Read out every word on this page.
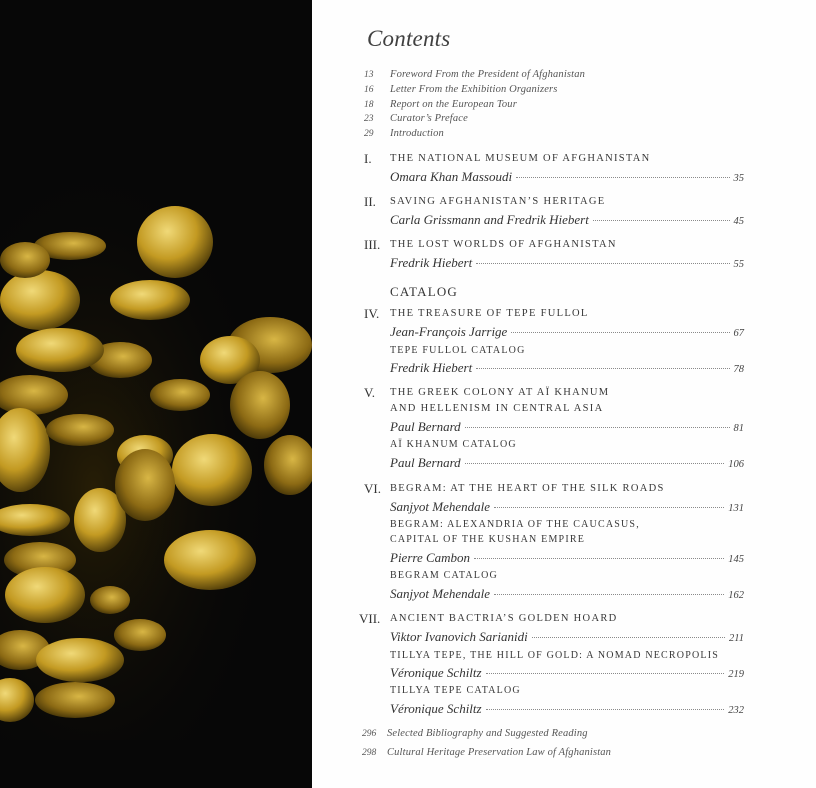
Contents
13	Foreword From the President of Afghanistan
16	Letter From the Exhibition Organizers
18	Report on the European Tour
23	Curator’s Preface
29	Introduction
I. THE NATIONAL MUSEUM OF AFGHANISTAN
Omara Khan Massoudi	35
II. SAVING AFGHANISTAN’S HERITAGE
Carla Grissmann and Fredrik Hiebert	45
III. THE LOST WORLDS OF AFGHANISTAN
Fredrik Hiebert	55
CATALOG
IV. THE TREASURE OF TEPE FULLOL
Jean-François Jarrige	67
TEPE FULLOL CATALOG
Fredrik Hiebert	78
V. THE GREEK COLONY AT AÏ KHANUM
AND HELLENISM IN CENTRAL ASIA
Paul Bernard	81
AÏ KHANUM CATALOG
Paul Bernard	106
VI. BEGRAM: AT THE HEART OF THE SILK ROADS
Sanjyot Mehendale	131
BEGRAM: ALEXANDRIA OF THE CAUCASUS,
CAPITAL OF THE KUSHAN EMPIRE
Pierre Cambon	145
BEGRAM CATALOG
Sanjyot Mehendale	162
VII. ANCIENT BACTRIA’S GOLDEN HOARD
Viktor Ivanovich Sarianidi	211
TILLYA TEPE, THE HILL OF GOLD: A NOMAD NECROPOLIS
Véronique Schiltz	219
TILLYA TEPE CATALOG
Véronique Schiltz	232
296	Selected Bibliography and Suggested Reading
298	Cultural Heritage Preservation Law of Afghanistan
